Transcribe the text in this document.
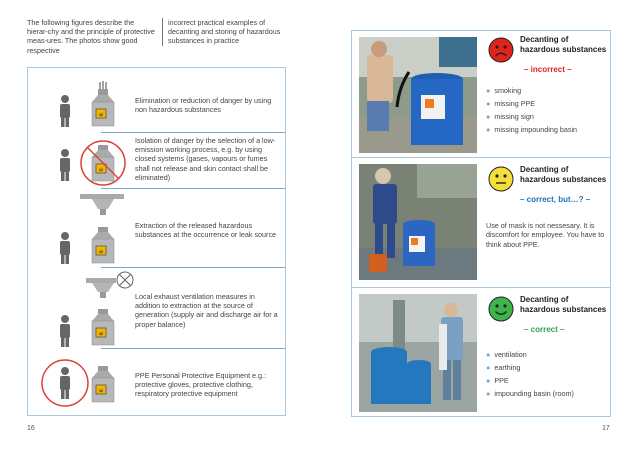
The following figures describe the hierar-chy and the principle of protective meas-ures. The photos show good respective
incorrect practical examples of decanting and storing of hazardous substances in practice
☠
Elimination or reduction of danger by using non hazardous substances
☠
Isolation of danger by the selection of a low-emission working process, e.g. by using closed systems (gases, vapours or fumes shall not release and skin contact shall be eliminated)
☠
Extraction of the released hazardous substances at the occurrence or leak source
☠
Local exhaust ventilation measures in addition to extraction at the source of generation (supply air and discharge air for a proper balance)
☠
PPE Personal Protective Equipment e.g.: protective gloves, protective clothing, respiratory protective equipment
16	17
Decanting of hazardous substances
– incorrect –
● smoking
● missing PPE
● missing sign
● missing impounding basin
Decanting of hazardous substances
– correct, but…? –
Use of mask is not nessesary. It is discomfort for employee. You have to think about PPE.
Decanting of hazardous substances
– correct –
● ventilation
● earthing
● PPE
● impounding basin (room)
